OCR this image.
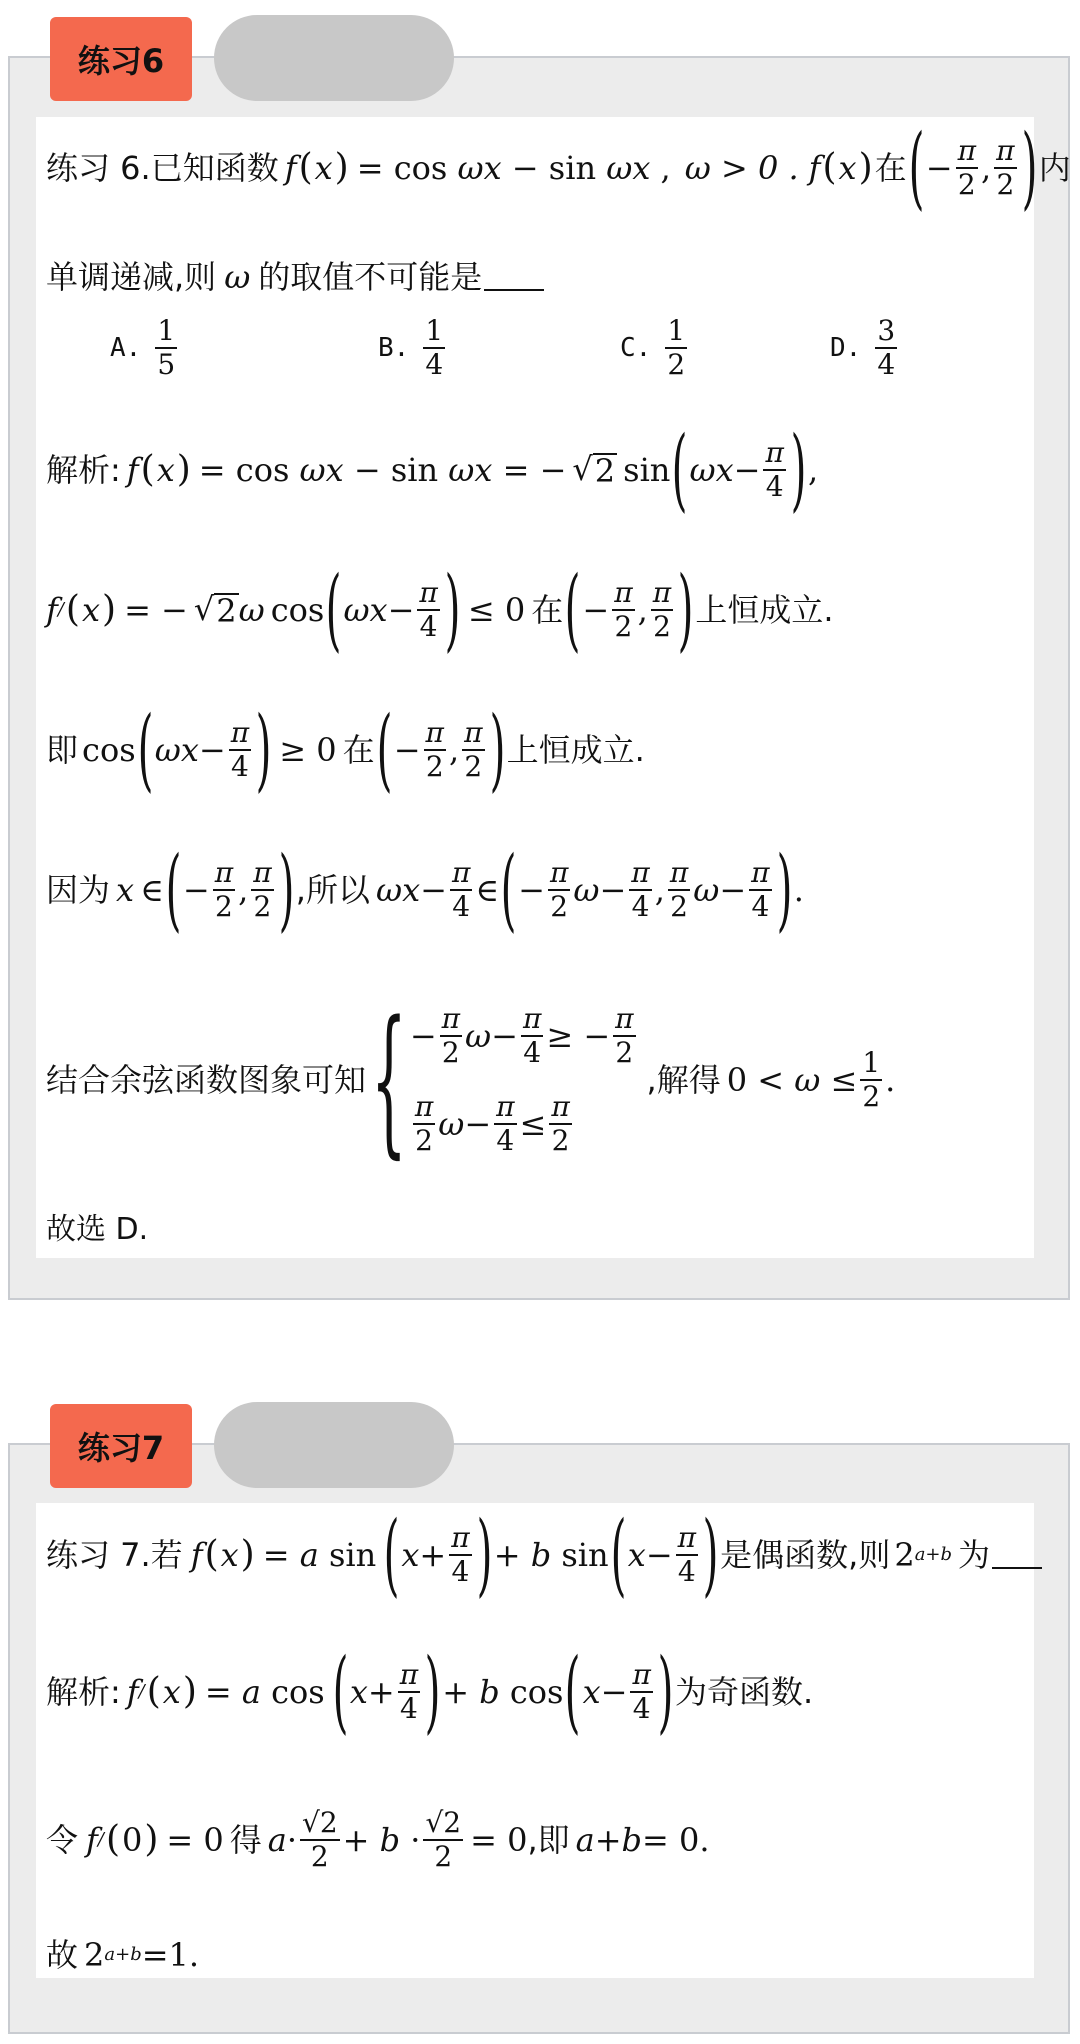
练习6
练习 6. 已知函数 f ( x ) = cos ωx − sin ωx , ω > 0 . f ( x ) 在 ( − $\frac{\pi}{2}$ , $\frac{\pi}{2}$ ) 内
单调递减,则 ω 的取值不可能是
A. $\frac{1}{5}$	B. $\frac{1}{4}$	C. $\frac{1}{2}$	D. $\frac{3}{4}$
解析: f ( x ) = cos ωx − sin ωx = − √ 2 sin ( $\omega x - \frac{\pi}{4}$ ) ,
f / ( x ) = − √ 2 ω cos ( $\omega x - \frac{\pi}{4}$ ) ≤ 0 在 ( − $\frac{\pi}{2}$ , $\frac{\pi}{2}$ ) 上恒成立.
即 cos ( $\omega x - \frac{\pi}{4}$ ) ≥ 0 在 ( − $\frac{\pi}{2}$ , $\frac{\pi}{2}$ ) 上恒成立.
因为 x ∈ ( − $\frac{\pi}{2}$ , $\frac{\pi}{2}$ ) ,所以 $\omega x - \frac{\pi}{4}$ ∈ ( − $\frac{\pi}{2}$ $\omega - \frac{\pi}{4}$ , $\frac{\pi}{2}$ $\omega - \frac{\pi}{4}$ ) .
结合余弦函数图象可知 { − $\frac{\pi}{2}$ $\omega - \frac{\pi}{4}$ ≥ − $\frac{\pi}{2}$
$\frac{\pi}{2}$ $\omega - \frac{\pi}{4} \le \frac{\pi}{2}$
,解得 $0 < \omega \le \frac{1}{2}$ .
故选 D.
练习7
练习 7. 若 f ( x ) = a sin ( $x + \frac{\pi}{4}$ ) + b sin ( $x - \frac{\pi}{4}$ ) 是偶函数,则 2 a+b 为
解析: f / ( x ) = a cos ( $x + \frac{\pi}{4}$ ) + b cos ( $x - \frac{\pi}{4}$ ) 为奇函数.
令 f / ( 0 ) = 0 得 $a \cdot \frac{√2}{2} + b \cdot \frac{√2}{2} = 0$ ,即 a + b = 0.
故 2 a+b =1.
